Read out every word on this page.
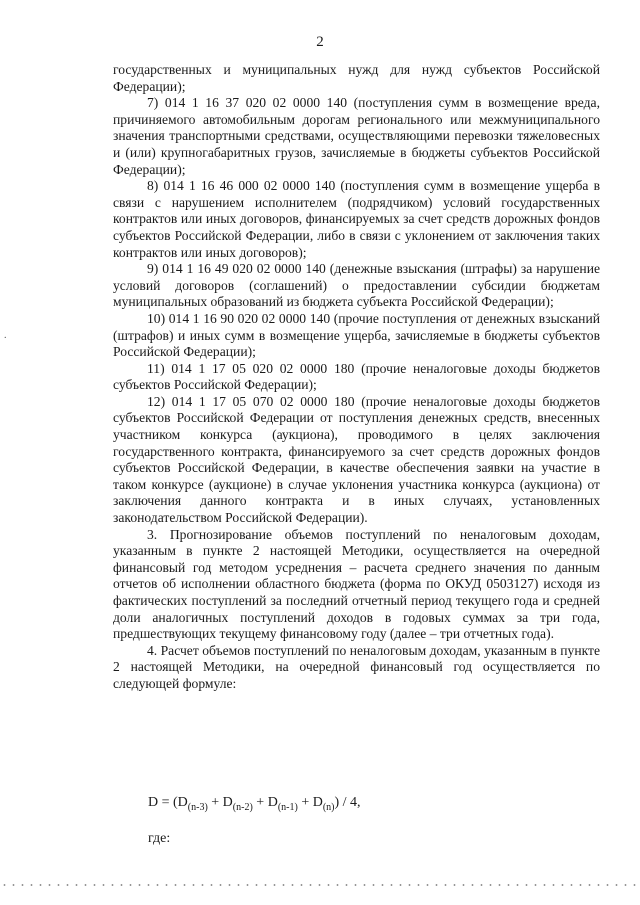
2
.

государственных и муниципальных нужд для нужд субъектов Российской Федерации);

7) 014 1 16 37 020 02 0000 140 (поступления сумм в возмещение вреда, причиняемого автомобильным дорогам регионального или межмуниципального значения транспортными средствами, осуществляющими перевозки тяжеловесных и (или) крупногабаритных грузов, зачисляемые в бюджеты субъектов Российской Федерации);

8) 014 1 16 46 000 02 0000 140 (поступления сумм в возмещение ущерба в связи с нарушением исполнителем (подрядчиком) условий государственных контрактов или иных договоров, финансируемых за счет средств дорожных фондов субъектов Российской Федерации, либо в связи с уклонением от заключения таких контрактов или иных договоров);

9) 014 1 16 49 020 02 0000 140 (денежные взыскания (штрафы) за нарушение условий договоров (соглашений) о предоставлении субсидии бюджетам муниципальных образований из бюджета субъекта Российской Федерации);

10) 014 1 16 90 020 02 0000 140 (прочие поступления от денежных взысканий (штрафов) и иных сумм в возмещение ущерба, зачисляемые в бюджеты субъектов Российской Федерации);

11) 014 1 17 05 020 02 0000 180 (прочие неналоговые доходы бюджетов субъектов Российской Федерации);

12) 014 1 17 05 070 02 0000 180 (прочие неналоговые доходы бюджетов субъектов Российской Федерации от поступления денежных средств, внесенных участником конкурса (аукциона), проводимого в целях заключения государственного контракта, финансируемого за счет средств дорожных фондов субъектов Российской Федерации, в качестве обеспечения заявки на участие в таком конкурсе (аукционе) в случае уклонения участника конкурса (аукциона) от заключения данного контракта и в иных случаях, установленных законодательством Российской Федерации).

3. Прогнозирование объемов поступлений по неналоговым доходам, указанным в пункте 2 настоящей Методики, осуществляется на очередной финансовый год методом усреднения – расчета среднего значения по данным отчетов об исполнении областного бюджета (форма по ОКУД 0503127) исходя из фактических поступлений за последний отчетный период текущего года и средней доли аналогичных поступлений доходов в годовых суммах за три года, предшествующих текущему финансовому году (далее – три отчетных года).

4. Расчет объемов поступлений по неналоговым доходам, указанным в пункте 2 настоящей Методики, на очередной финансовый год осуществляется по следующей формуле:

$D = (D_{(n-3)} + D_{(n-2)} + D_{(n-1)} + D_{(n)}) / 4$,
где:
